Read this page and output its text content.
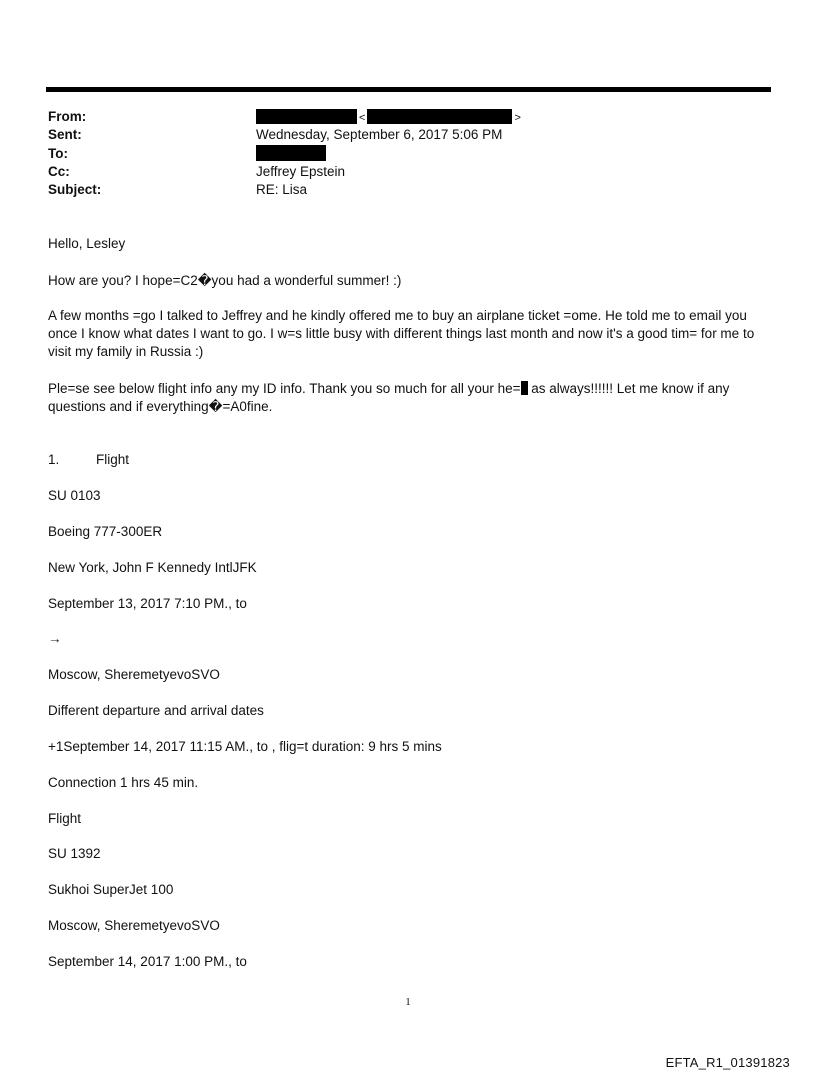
From:	<	>
Sent:	Wednesday, September 6, 2017 5:06 PM
To:
Cc:	Jeffrey Epstein
Subject:	RE: Lisa
Hello, Lesley
How are you? I hope=C2�you had a wonderful summer! :)
A few months =go I talked to Jeffrey and he kindly offered me to buy an airplane ticket =ome. He told me to email you once I know what dates I want to go. I w=s little busy with different things last month and now it's a good tim= for me to visit my family in Russia :)
Ple=se see below flight info any my ID info. Thank you so much for all your he= as always!!!!!! Let me know if any questions and if everything�=A0fine.
1.	Flight
SU 0103
Boeing 777-300ER
New York, John F Kennedy IntlJFK
September 13, 2017 7:10 PM., to
→
Moscow, SheremetyevoSVO
Different departure and arrival dates
+1September 14, 2017 11:15 AM., to , flig=t duration: 9 hrs 5 mins
Connection 1 hrs 45 min.
Flight
SU 1392
Sukhoi SuperJet 100
Moscow, SheremetyevoSVO
September 14, 2017 1:00 PM., to
1
EFTA_R1_01391823
